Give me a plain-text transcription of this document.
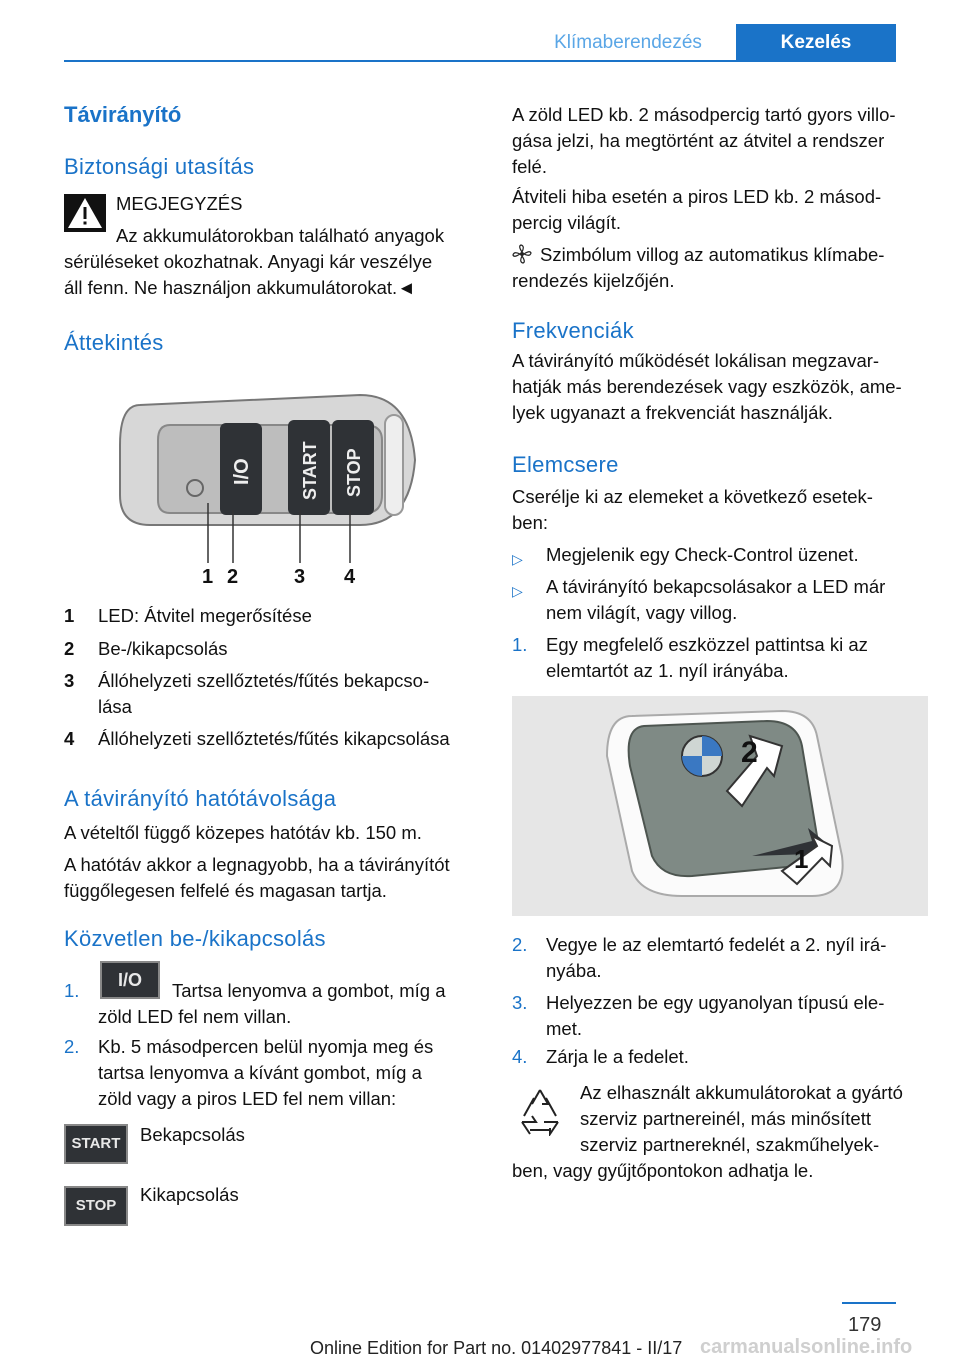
Klímaberendezés	Kezelés
Távirányító
Biztonsági utasítás
MEGJEGYZÉS
Az akkumulátorokban található anyagok
sérüléseket okozhatnak. Anyagi kár veszélye
áll fenn. Ne használjon akkumulátorokat.◄
Áttekintés
I/O	START STOP
1 2	3 4
1 LED: Átvitel megerősítése
2 Be-/kikapcsolás
3 Állóhelyzeti szellőztetés/fűtés bekapcso-
lása
4 Állóhelyzeti szellőztetés/fűtés kikapcsolása
A távirányító hatótávolsága
A vételtől függő közepes hatótáv kb. 150 m.
A hatótáv akkor a legnagyobb, ha a távirányítót
függőlegesen felfelé és magasan tartja.
Közvetlen be-/kikapcsolás
1.	I/O	Tartsa lenyomva a gombot, míg a
zöld LED fel nem villan.
2. Kb. 5 másodpercen belül nyomja meg és
tartsa lenyomva a kívánt gombot, míg a
zöld vagy a piros LED fel nem villan:
START	Bekapcsolás
STOP
Kikapcsolás
A zöld LED kb. 2 másodpercig tartó gyors villo-
gása jelzi, ha megtörtént az átvitel a rendszer
felé.
Átviteli hiba esetén a piros LED kb. 2 másod-
percig világít.
Szimbólum villog az automatikus klímabe-
rendezés kijelzőjén.
Frekvenciák
A távirányító működését lokálisan megzavar-
hatják más berendezések vagy eszközök, ame-
lyek ugyanazt a frekvenciát használják.
Elemcsere
Cserélje ki az elemeket a következő esetek-
ben:
▷ Megjelenik egy Check-Control üzenet.
▷ A távirányító bekapcsolásakor a LED már
nem világít, vagy villog.
1. Egy megfelelő eszközzel pattintsa ki az
elemtartót az 1. nyíl irányába.
2
1
2. Vegye le az elemtartó fedelét a 2. nyíl irá-
nyába.
3. Helyezzen be egy ugyanolyan típusú ele-
met.
4. Zárja le a fedelet.
Az elhasznált akkumulátorokat a gyártó
szerviz partnereinél, más minősített
szerviz partnereknél, szakműhelyek-
ben, vagy gyűjtőpontokon adhatja le.
179
carmanualsonline.info
Online Edition for Part no. 01402977841 - II/17
